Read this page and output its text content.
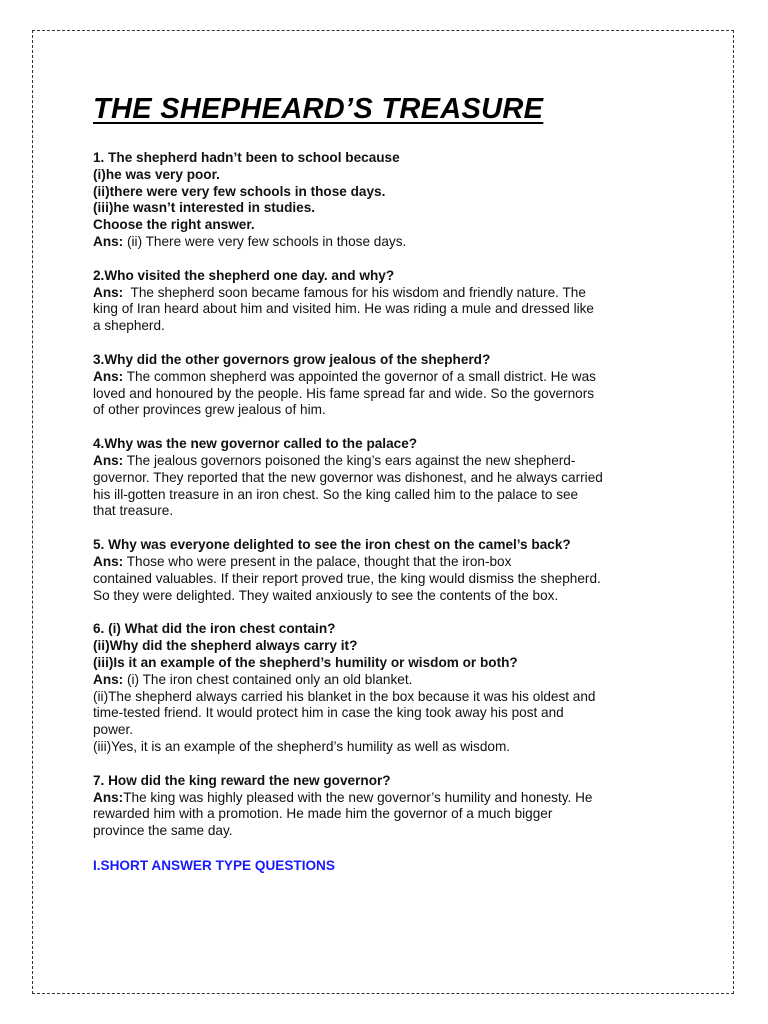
THE SHEPHEARD’S TREASURE
1. The shepherd hadn’t been to school because
(i)he was very poor.
(ii)there were very few schools in those days.
(iii)he wasn’t interested in studies.
Choose the right answer.
Ans: (ii) There were very few schools in those days.
2.Who visited the shepherd one day. and why?
Ans:  The shepherd soon became famous for his wisdom and friendly nature. The
king of Iran heard about him and visited him. He was riding a mule and dressed like
a shepherd.
3.Why did the other governors grow jealous of the shepherd?
Ans: The common shepherd was appointed the governor of a small district. He was
loved and honoured by the people. His fame spread far and wide. So the governors
of other provinces grew jealous of him.
4.Why was the new governor called to the palace?
Ans: The jealous governors poisoned the king’s ears against the new shepherd-
governor. They reported that the new governor was dishonest, and he always carried
his ill-gotten treasure in an iron chest. So the king called him to the palace to see
that treasure.
5. Why was everyone delighted to see the iron chest on the camel’s back?
Ans: Those who were present in the palace, thought that the iron-box
contained valuables. If their report proved true, the king would dismiss the shepherd.
So they were delighted. They waited anxiously to see the contents of the box.
6. (i) What did the iron chest contain?
(ii)Why did the shepherd always carry it?
(iii)Is it an example of the shepherd’s humility or wisdom or both?
Ans: (i) The iron chest contained only an old blanket.
(ii)The shepherd always carried his blanket in the box because it was his oldest and
time-tested friend. It would protect him in case the king took away his post and
power.
(iii)Yes, it is an example of the shepherd’s humility as well as wisdom.
7. How did the king reward the new governor?
Ans:The king was highly pleased with the new governor’s humility and honesty. He
rewarded him with a promotion. He made him the governor of a much bigger
province the same day.
I.SHORT ANSWER TYPE QUESTIONS
